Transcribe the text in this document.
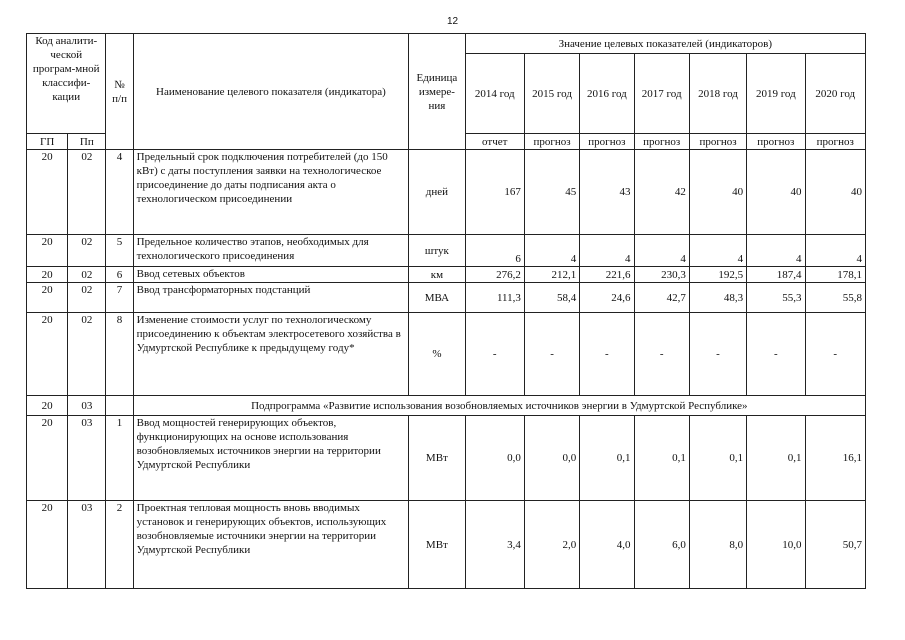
12
Код аналити-ческой програм-мной классифи-кации		№ п/п	Наименование целевого показателя (индикатора)	Единица измере-ния	Значение целевых показателей (индикаторов)						
					2014 год	2015 год	2016 год	2017 год	2018 год	2019 год	2020 год
ГП	Пп				отчет	прогноз	прогноз	прогноз	прогноз	прогноз	прогноз
20	02	4	Предельный срок подключения потребителей (до 150 кВт) с даты поступления заявки на технологическое присоединение до даты подписания акта о технологическом присоединении	дней	167	45	43	42	40	40	40
20	02	5	Предельное количество этапов, необходимых для технологического присоединения	штук	6	4	4	4	4	4	4
20	02	6	Ввод сетевых объектов	км	276,2	212,1	221,6	230,3	192,5	187,4	178,1
20	02	7	Ввод трансформаторных подстанций	МВА	111,3	58,4	24,6	42,7	48,3	55,3	55,8
20	02	8	Изменение стоимости услуг по технологическому присоединению к объектам электросетевого хозяйства в Удмуртской Республике к предыдущему году*	%	-	-	-	-	-	-	-
20	03		Подпрограмма «Развитие использования возобновляемых источников энергии в Удмуртской Республике»								
20	03	1	Ввод мощностей генерирующих объектов, функционирующих на основе использования возобновляемых источников энергии на территории Удмуртской Республики	МВт	0,0	0,0	0,1	0,1	0,1	0,1	16,1
20	03	2	Проектная тепловая мощность вновь вводимых установок и генерирующих объектов, использующих возобновляемые источники энергии на территории Удмуртской Республики	МВт	3,4	2,0	4,0	6,0	8,0	10,0	50,7
